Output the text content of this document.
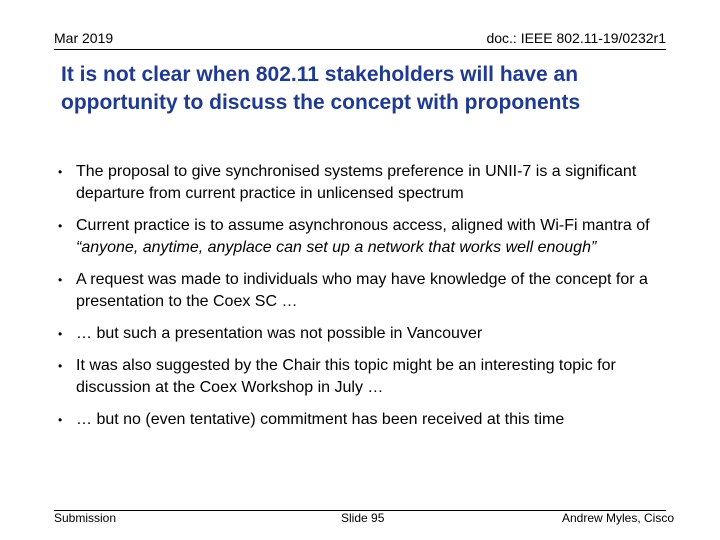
Mar 2019	doc.: IEEE 802.11-19/0232r1
It is not clear when 802.11 stakeholders will have an opportunity to discuss the concept with proponents
• The proposal to give synchronised systems preference in UNII-7 is a significant departure from current practice in unlicensed spectrum
• Current practice is to assume asynchronous access, aligned with Wi-Fi mantra of “anyone, anytime, anyplace can set up a network that works well enough”
• A request was made to individuals who may have knowledge of the concept for a presentation to the Coex SC …
• … but such a presentation was not possible in Vancouver
• It was also suggested by the Chair this topic might be an interesting topic for discussion at the Coex Workshop in July …
• … but no (even tentative) commitment has been received at this time
Submission	Slide 95	Andrew Myles, Cisco
